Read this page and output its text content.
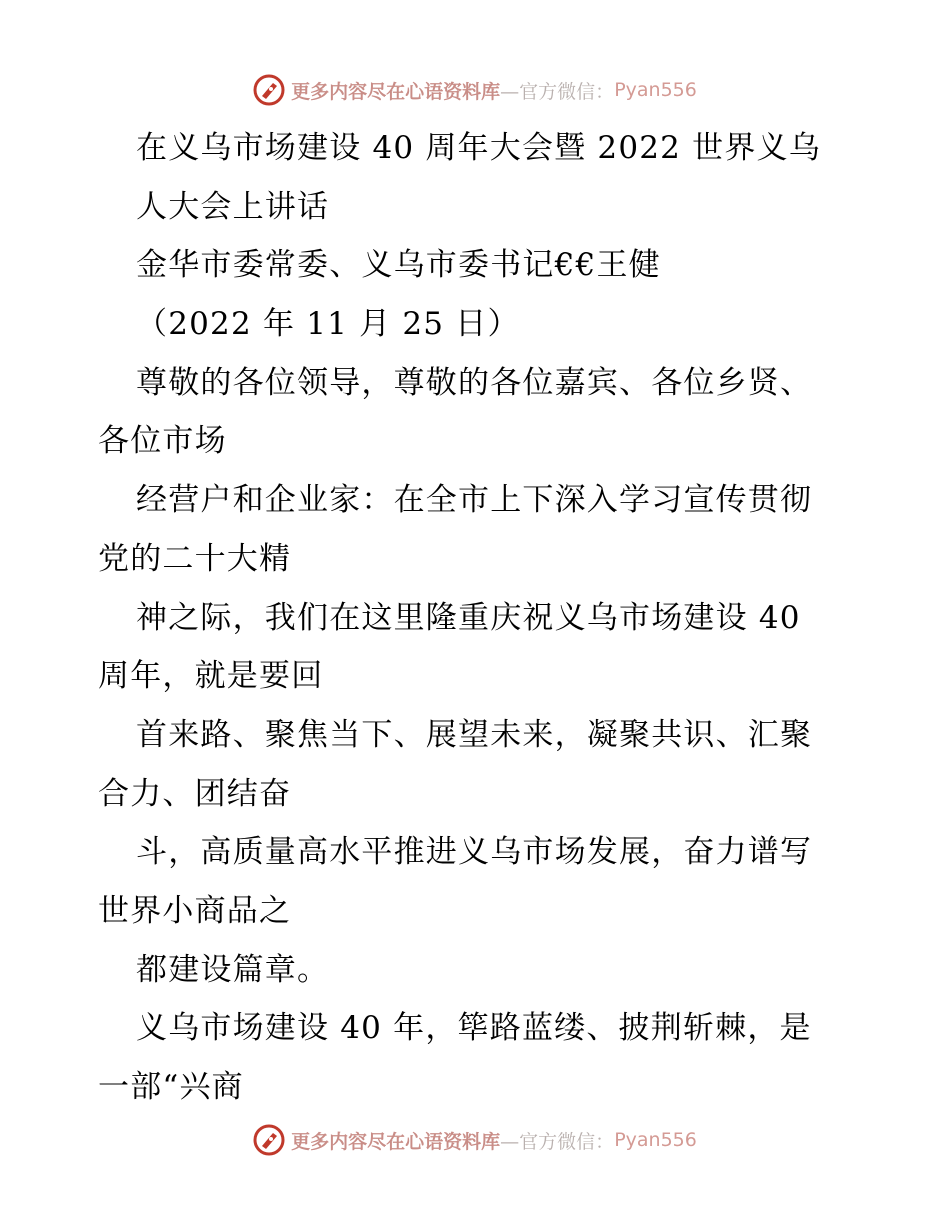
更多内容尽在心语资料库 —官方微信： Pyan556
在义乌市场建设 40 周年大会暨 2022 世界义乌
人大会上讲话
金华市委常委、义乌市委书记€€王健
（2022 年 11 月 25 日）
尊敬的各位领导，尊敬的各位嘉宾、各位乡贤、
各位市场
经营户和企业家：在全市上下深入学习宣传贯彻
党的二十大精
神之际，我们在这里隆重庆祝义乌市场建设 40
周年，就是要回
首来路、聚焦当下、展望未来，凝聚共识、汇聚
合力、团结奋
斗，高质量高水平推进义乌市场发展，奋力谱写
世界小商品之
都建设篇章。
义乌市场建设 40 年，筚路蓝缕、披荆斩棘，是
一部“兴商
更多内容尽在心语资料库 —官方微信： Pyan556
